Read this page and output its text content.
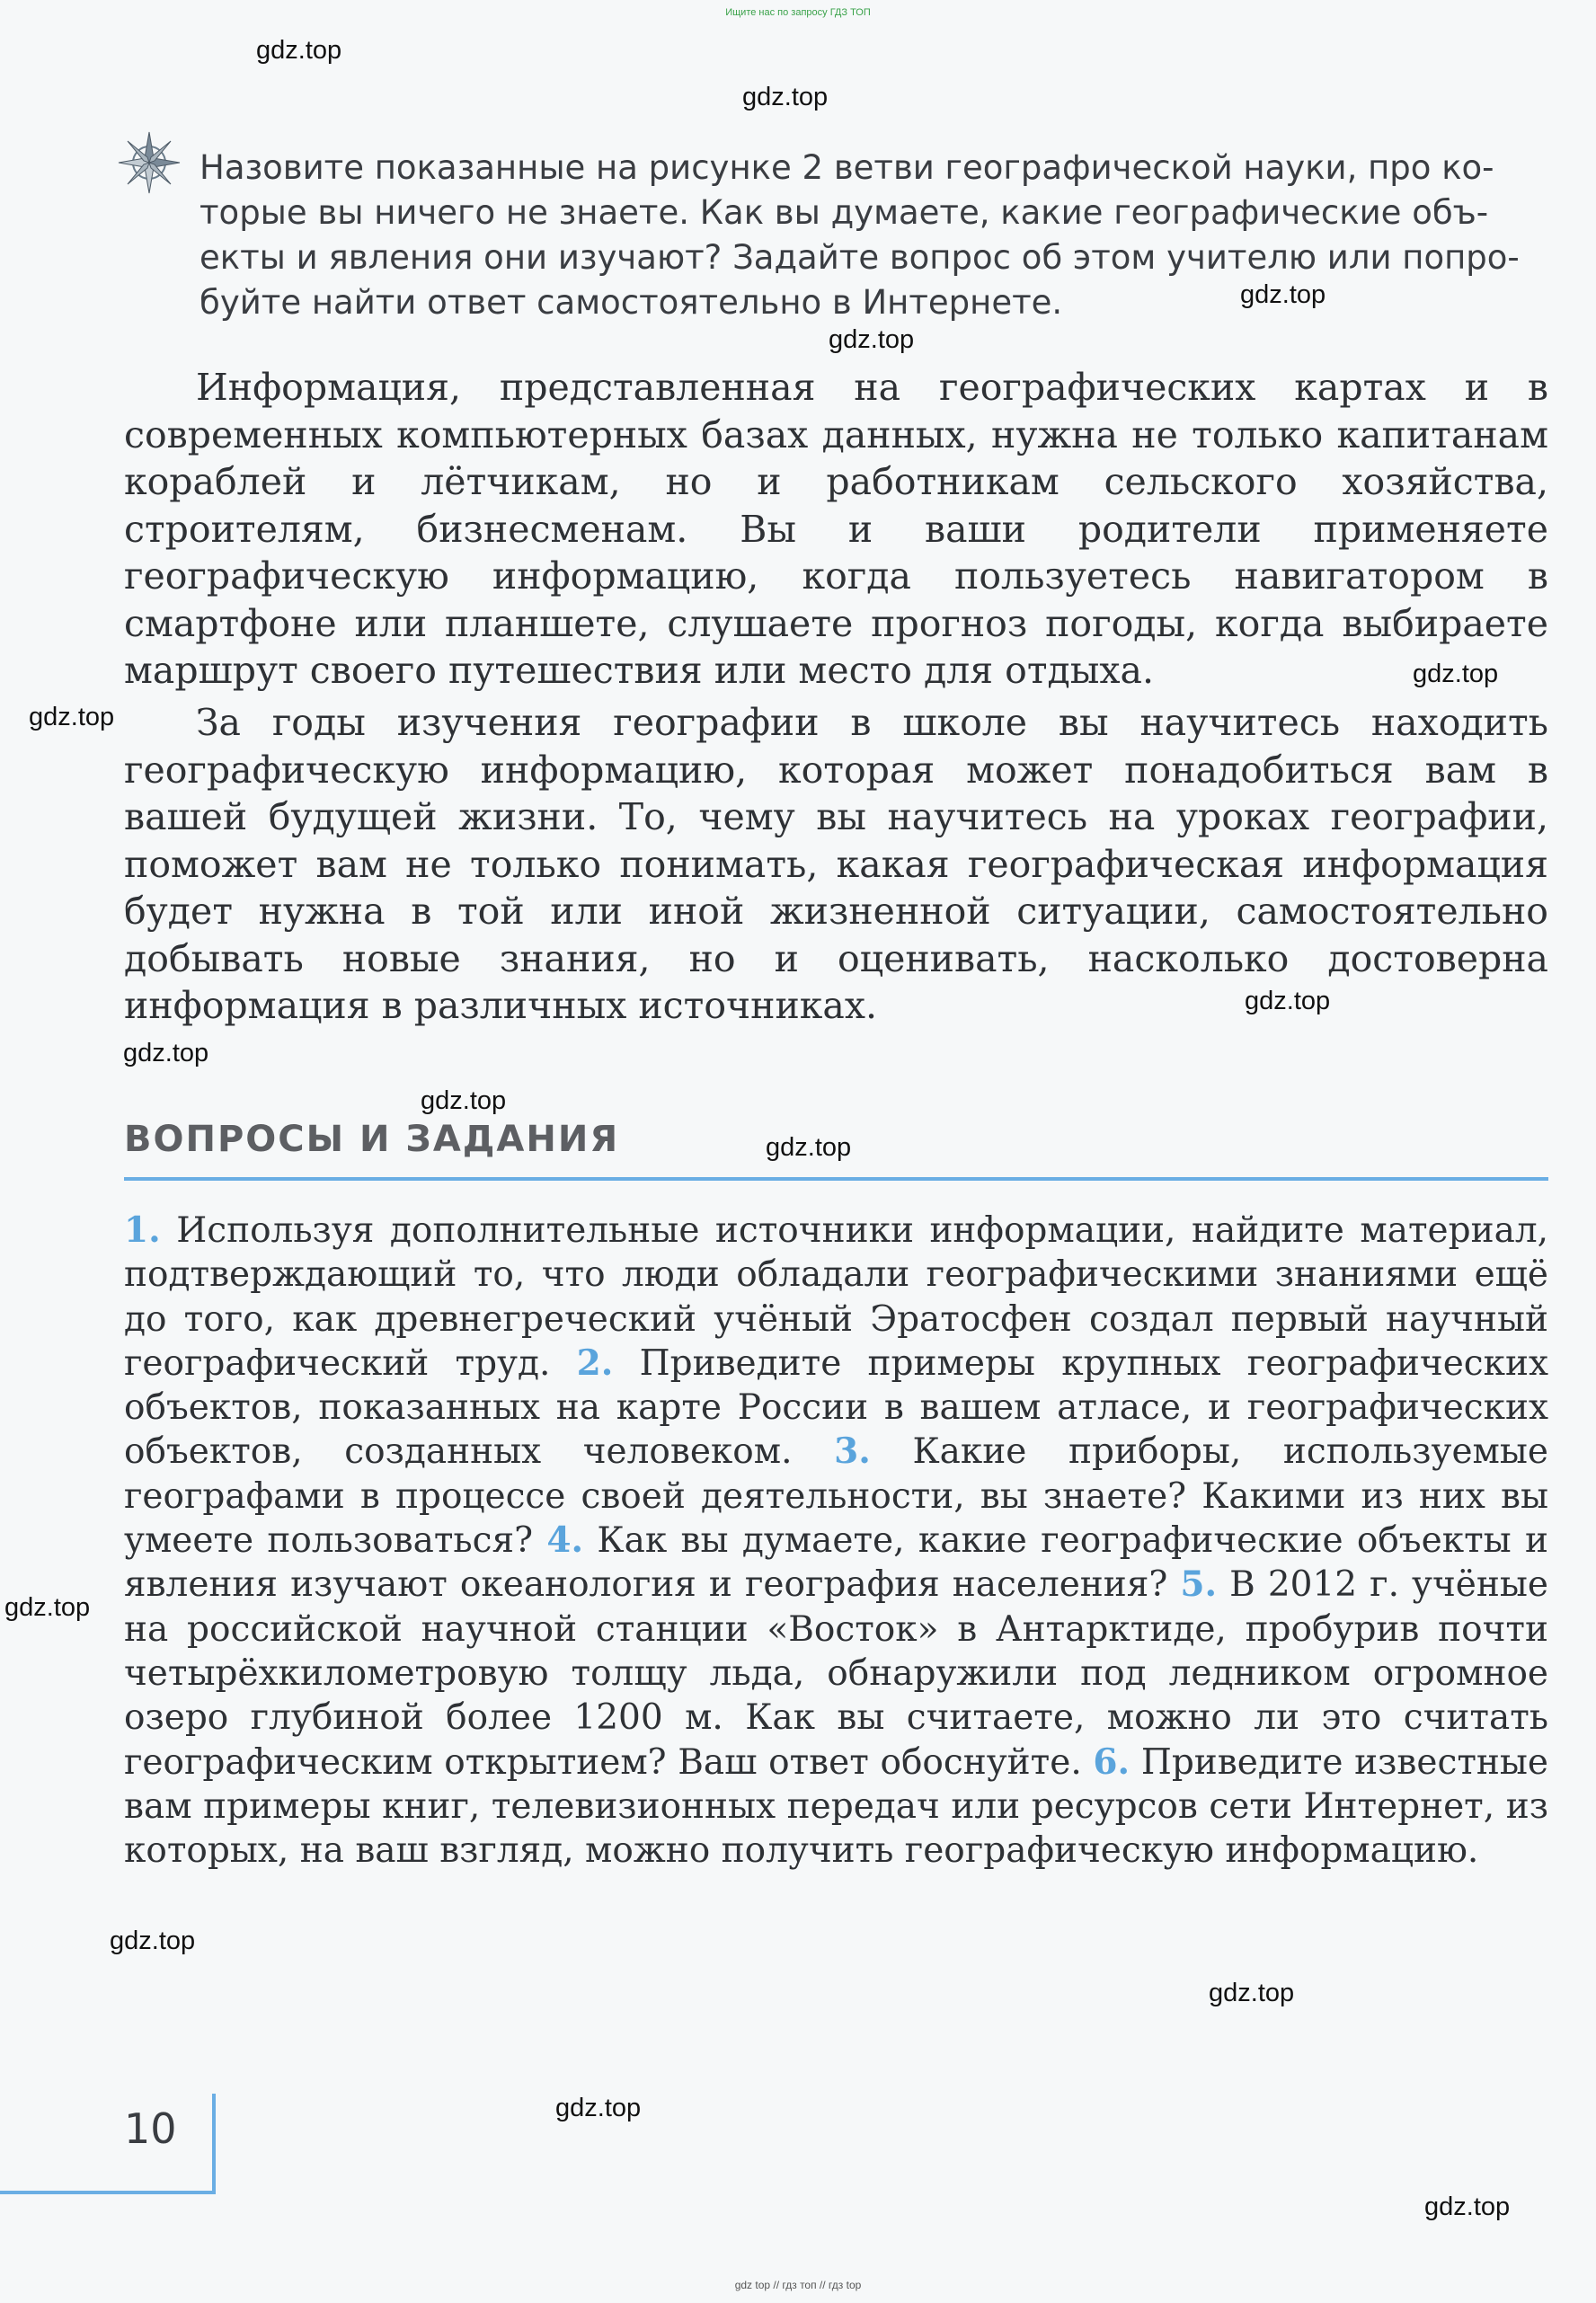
Ищите нас по запросу ГДЗ ТОП
gdz.top
gdz.top
gdz.top
gdz.top
gdz.top
gdz.top
gdz.top
gdz.top
gdz.top
gdz.top
gdz.top
gdz.top
gdz.top
gdz.top
gdz.top
Назовите показанные на рисунке 2 ветви географической науки, про ко-
торые вы ничего не знаете. Как вы думаете, какие географические объ-
екты и явления они изучают? Задайте вопрос об этом учителю или попро-
буйте найти ответ самостоятельно в Интернете.

Информация, представленная на географических картах и в современных компьютерных базах данных, нужна не только капитанам кораблей и лётчикам, но и работникам сельского хозяйства, строителям, бизнесменам. Вы и ваши родители применяете географическую информацию, когда пользуетесь навигатором в смартфоне или планшете, слушаете прогноз погоды, когда выбираете маршрут своего путешествия или место для отдыха.

За годы изучения географии в школе вы научитесь находить географическую информацию, которая может понадобиться вам в вашей будущей жизни. То, чему вы научитесь на уроках географии, поможет вам не только понимать, какая географическая информация будет нужна в той или иной жизненной ситуации, самостоятельно добывать новые знания, но и оценивать, насколько достоверна информация в различных источниках.

ВОПРОСЫ И ЗАДАНИЯ
1. Используя дополнительные источники информации, найдите материал, подтверждающий то, что люди обладали географическими знаниями ещё до того, как древнегреческий учёный Эратосфен создал первый научный географический труд. 2. Приведите примеры крупных географических объектов, показанных на карте России в вашем атласе, и географических объектов, созданных человеком. 3. Какие приборы, используемые географами в процессе своей деятельности, вы знаете? Какими из них вы умеете пользоваться? 4. Как вы думаете, какие географические объекты и явления изучают океанология и география населения? 5. В 2012 г. учёные на российской научной станции «Восток» в Антарктиде, пробурив почти четырёхкилометровую толщу льда, обнаружили под ледником огромное озеро глубиной более 1200 м. Как вы считаете, можно ли это считать географическим открытием? Ваш ответ обоснуйте. 6. Приведите известные вам примеры книг, телевизионных передач или ресурсов сети Интернет, из которых, на ваш взгляд, можно получить географическую информацию.
10
gdz top // гдз топ // гдз top
